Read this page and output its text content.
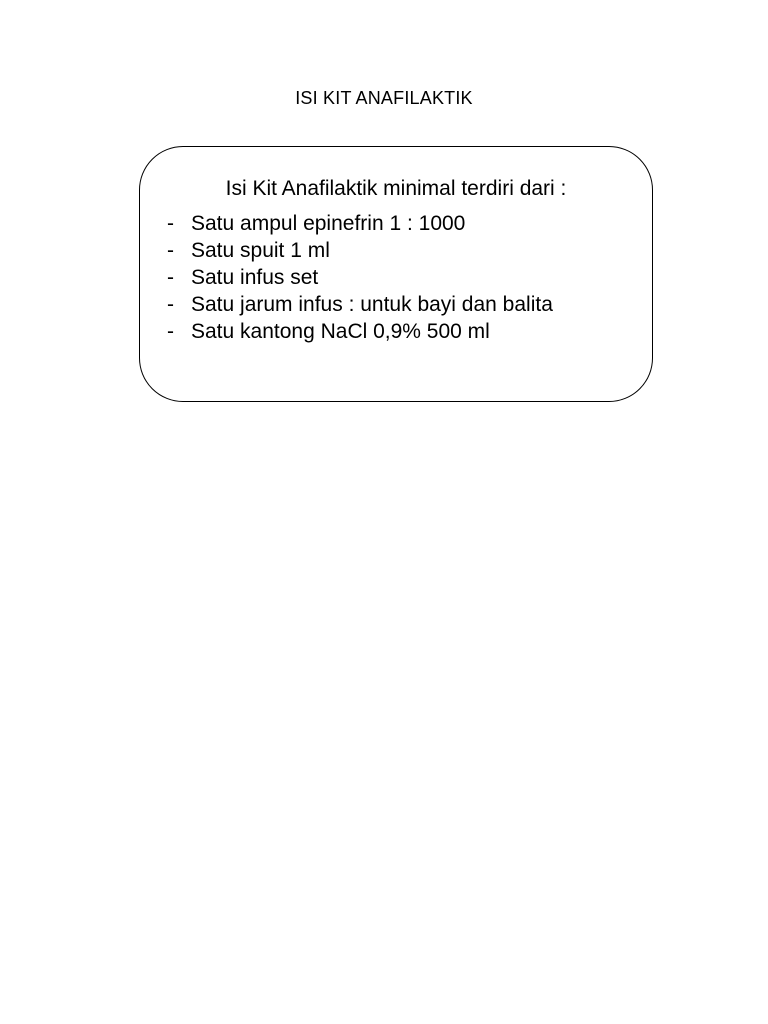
ISI KIT ANAFILAKTIK
Isi Kit Anafilaktik minimal terdiri dari :
- Satu ampul epinefrin 1 : 1000
- Satu spuit 1 ml
- Satu infus set
- Satu jarum infus : untuk bayi dan balita
- Satu kantong NaCl 0,9% 500 ml
